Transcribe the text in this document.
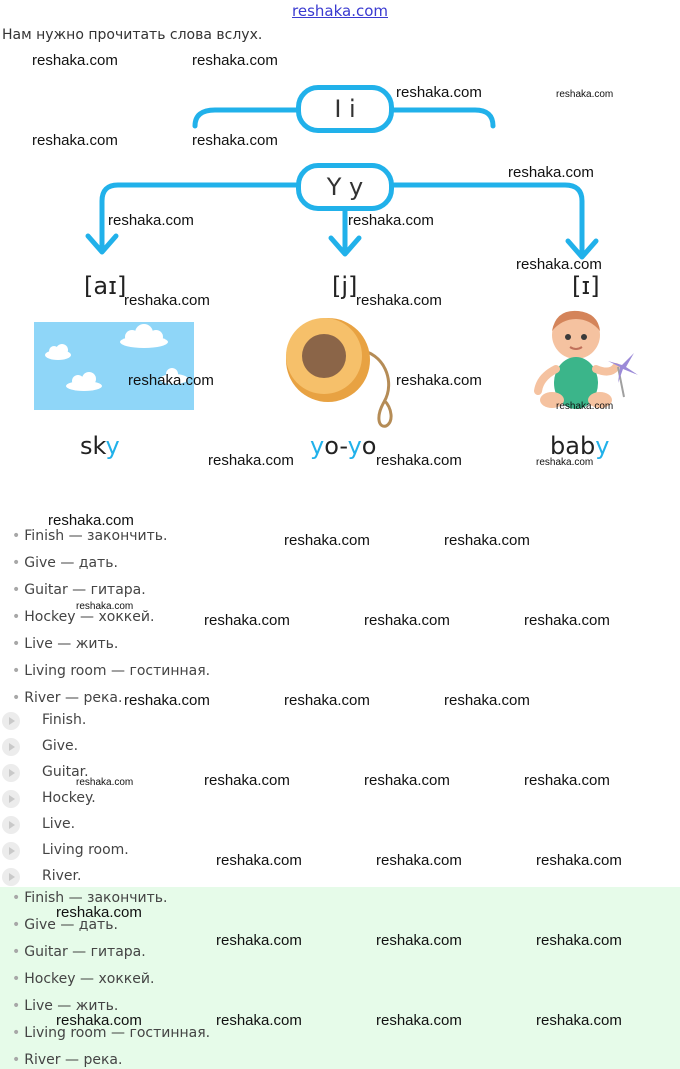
reshaka.com
Нам нужно прочитать слова вслух.
I i
Y y
[aɪ]	[j]	[ɪ]
sky	yo-yo	baby
• Finish — закончить.
• Give — дать.
• Guitar — гитара.
• Hockey — хоккей.
• Live — жить.
• Living room — гостинная.
• River — река.
Finish.
Give.
Guitar.
Hockey.
Live.
Living room.
River.
• Finish — закончить.
• Give — дать.
• Guitar — гитара.
• Hockey — хоккей.
• Live — жить.
• Living room — гостинная.
• River — река.
reshaka.com	reshaka.com
reshaka.com	reshaka.com
reshaka.com	reshaka.com
reshaka.com
reshaka.com	reshaka.com
reshaka.com
reshaka.com	reshaka.com
reshaka.com	reshaka.com
reshaka.com
reshaka.com	reshaka.com	reshaka.com
reshaka.com
reshaka.com	reshaka.com
reshaka.com
reshaka.com	reshaka.com	reshaka.com
reshaka.com	reshaka.com	reshaka.com
reshaka.com	reshaka.com	reshaka.com	reshaka.com
reshaka.com	reshaka.com	reshaka.com
reshaka.com
reshaka.com	reshaka.com	reshaka.com
reshaka.com	reshaka.com	reshaka.com	reshaka.com
